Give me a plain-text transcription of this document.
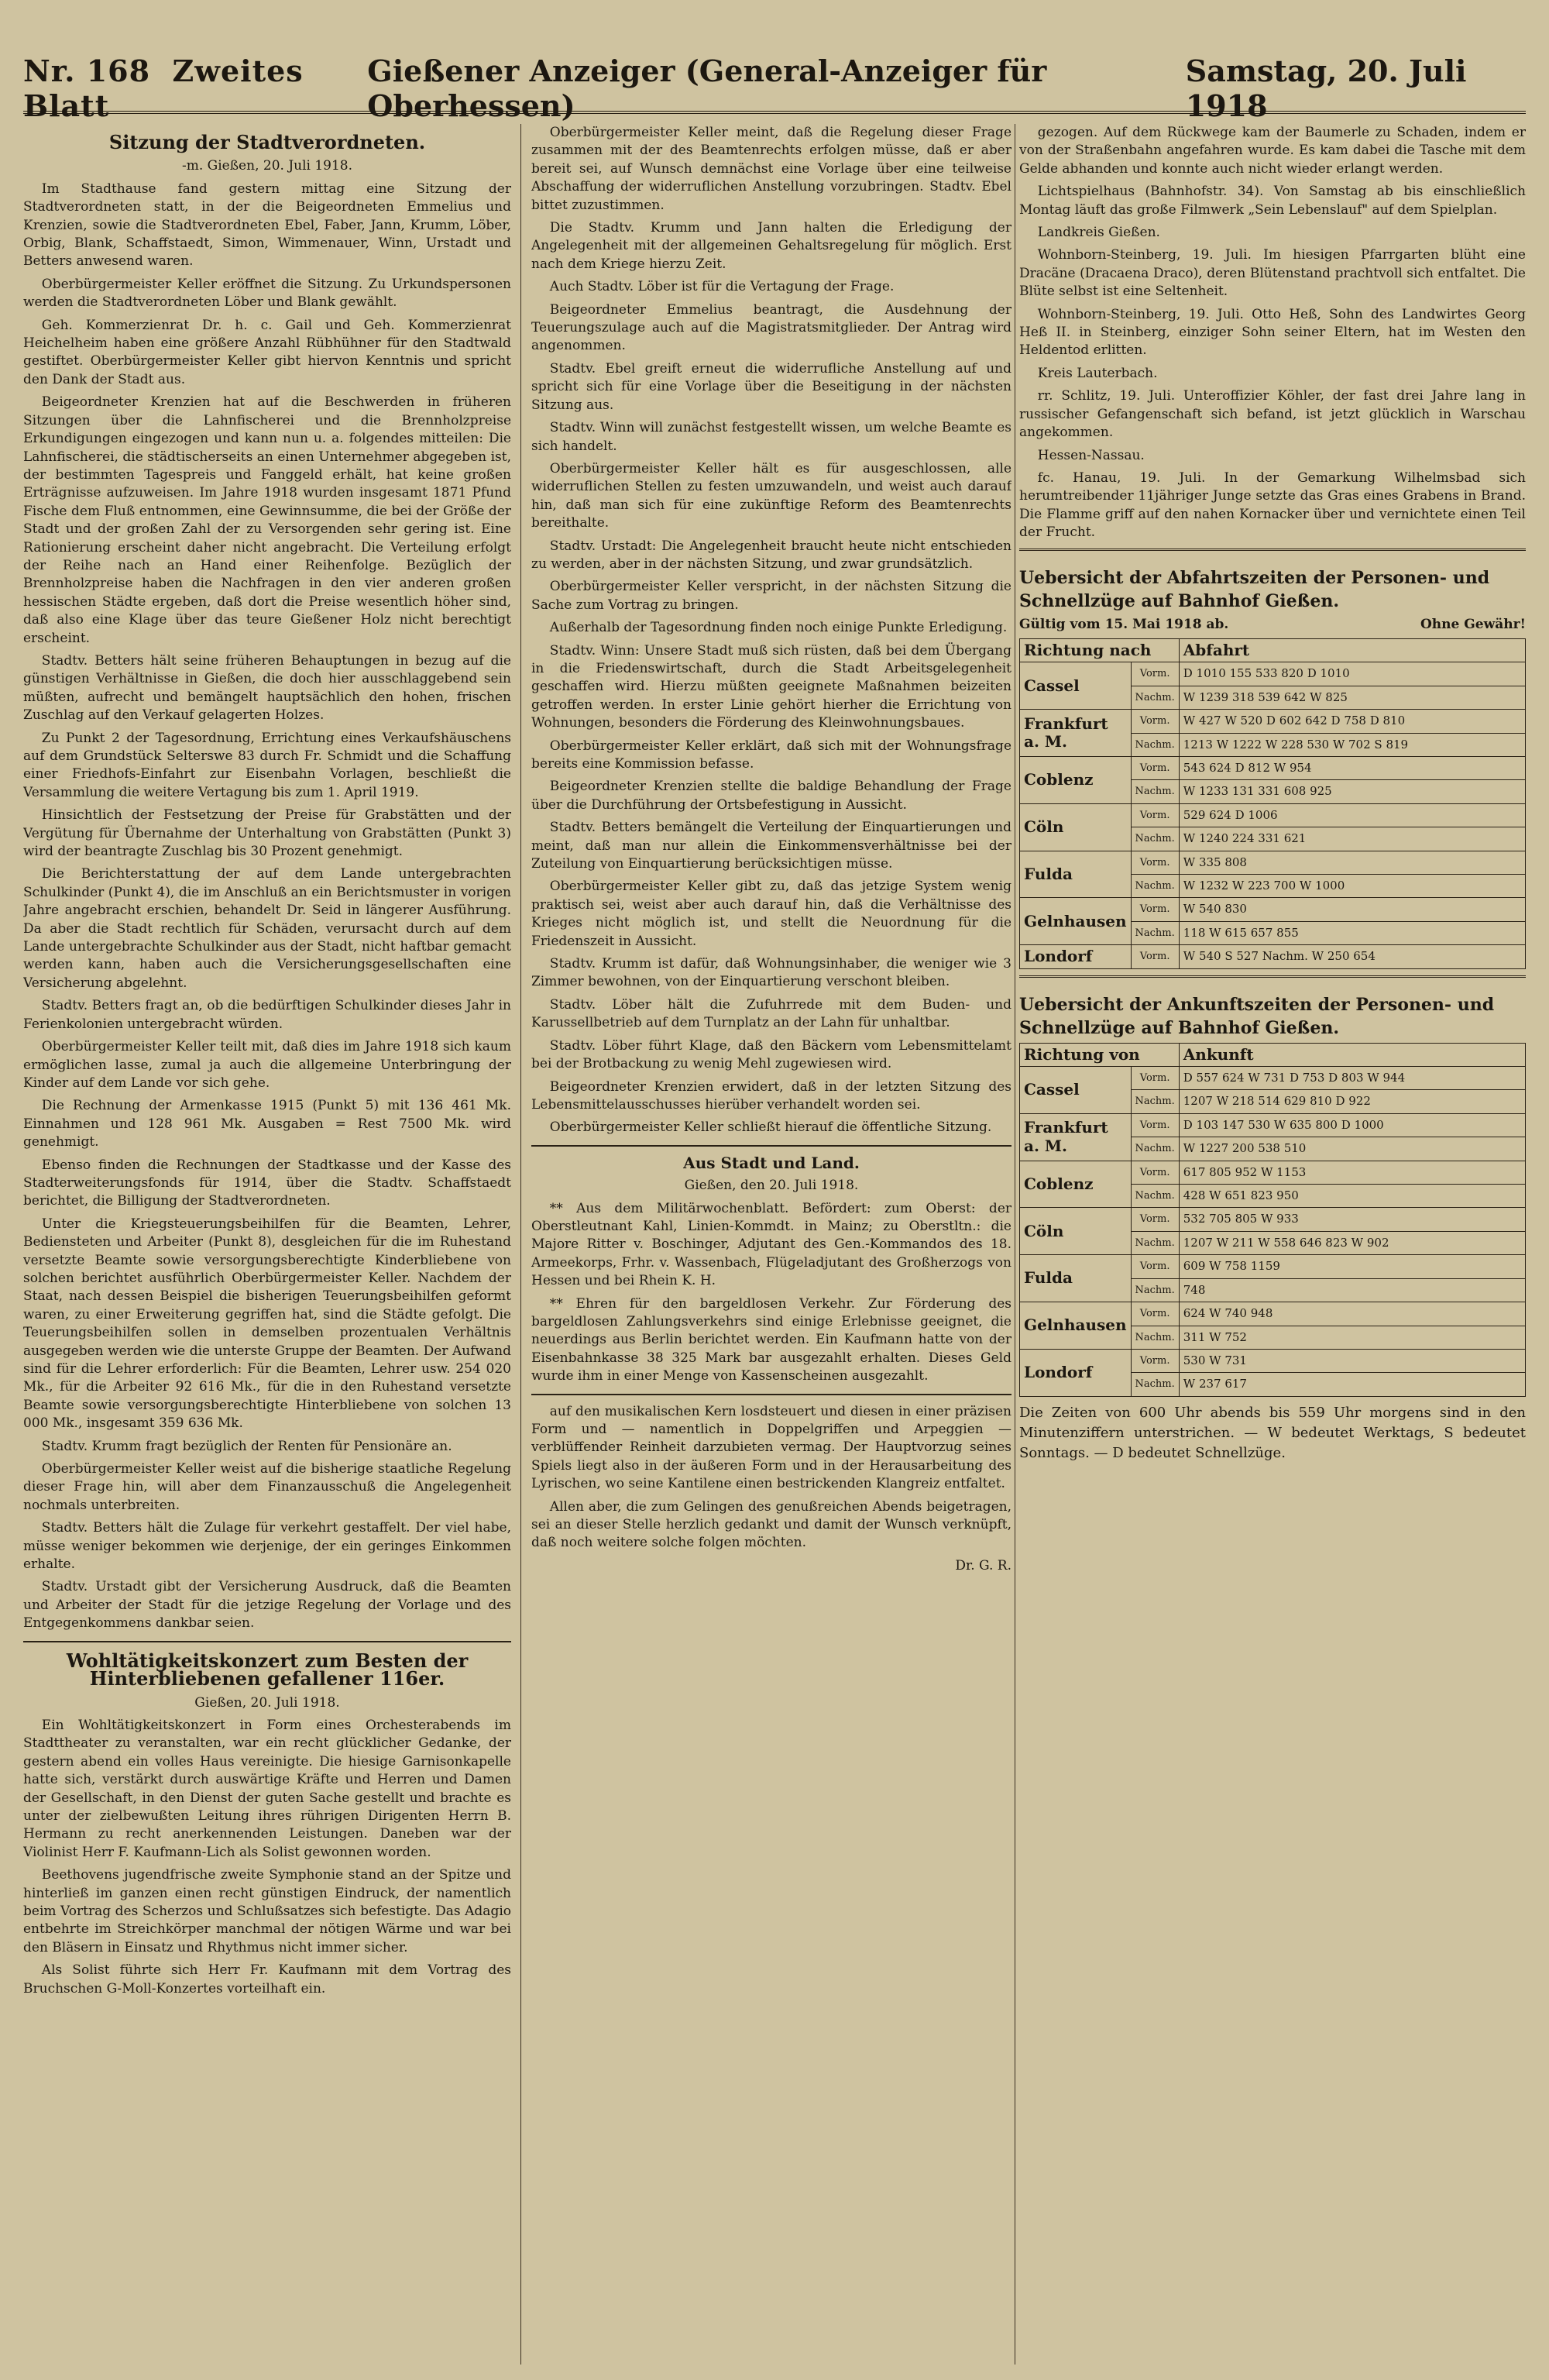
Nr. 168 Zweites Blatt
Gießener Anzeiger (General-Anzeiger für Oberhessen)
Samstag, 20. Juli 1918
Sitzung der Stadtverordneten.
-m. Gießen, 20. Juli 1918.

Im Stadthause fand gestern mittag eine Sitzung der Stadtverordneten statt, in der die Beigeordneten Emmelius und Krenzien, sowie die Stadtverordneten Ebel, Faber, Jann, Krumm, Löber, Orbig, Blank, Schaffstaedt, Simon, Wimmenauer, Winn, Urstadt und Betters anwesend waren.

Oberbürgermeister Keller eröffnet die Sitzung. Zu Urkundspersonen werden die Stadtverordneten Löber und Blank gewählt.

Geh. Kommerzienrat Dr. h. c. Gail und Geh. Kommerzienrat Heichelheim haben eine größere Anzahl Rübhühner für den Stadtwald gestiftet. Oberbürgermeister Keller gibt hiervon Kenntnis und spricht den Dank der Stadt aus.

Beigeordneter Krenzien hat auf die Beschwerden in früheren Sitzungen über die Lahnfischerei und die Brennholzpreise Erkundigungen eingezogen und kann nun u. a. folgendes mitteilen: Die Lahnfischerei, die städtischerseits an einen Unternehmer abgegeben ist, der bestimmten Tagespreis und Fanggeld erhält, hat keine großen Erträgnisse aufzuweisen. Im Jahre 1918 wurden insgesamt 1871 Pfund Fische dem Fluß entnommen, eine Gewinnsumme, die bei der Größe der Stadt und der großen Zahl der zu Versorgenden sehr gering ist. Eine Rationierung erscheint daher nicht angebracht. Die Verteilung erfolgt der Reihe nach an Hand einer Reihenfolge. Bezüglich der Brennholzpreise haben die Nachfragen in den vier anderen großen hessischen Städte ergeben, daß dort die Preise wesentlich höher sind, daß also eine Klage über das teure Gießener Holz nicht berechtigt erscheint.

Stadtv. Betters hält seine früheren Behauptungen in bezug auf die günstigen Verhältnisse in Gießen, die doch hier ausschlaggebend sein müßten, aufrecht und bemängelt hauptsächlich den hohen, frischen Zuschlag auf den Verkauf gelagerten Holzes.

Zu Punkt 2 der Tagesordnung, Errichtung eines Verkaufshäuschens auf dem Grundstück Selterswe 83 durch Fr. Schmidt und die Schaffung einer Friedhofs-Einfahrt zur Eisenbahn Vorlagen, beschließt die Versammlung die weitere Vertagung bis zum 1. April 1919.

Hinsichtlich der Festsetzung der Preise für Grabstätten und der Vergütung für Übernahme der Unterhaltung von Grabstätten (Punkt 3) wird der beantragte Zuschlag bis 30 Prozent genehmigt.

Die Berichterstattung der auf dem Lande untergebrachten Schulkinder (Punkt 4), die im Anschluß an ein Berichtsmuster in vorigen Jahre angebracht erschien, behandelt Dr. Seid in längerer Ausführung. Da aber die Stadt rechtlich für Schäden, verursacht durch auf dem Lande untergebrachte Schulkinder aus der Stadt, nicht haftbar gemacht werden kann, haben auch die Versicherungsgesellschaften eine Versicherung abgelehnt.

Stadtv. Betters fragt an, ob die bedürftigen Schulkinder dieses Jahr in Ferienkolonien untergebracht würden.

Oberbürgermeister Keller teilt mit, daß dies im Jahre 1918 sich kaum ermöglichen lasse, zumal ja auch die allgemeine Unterbringung der Kinder auf dem Lande vor sich gehe.

Die Rechnung der Armenkasse 1915 (Punkt 5) mit 136 461 Mk. Einnahmen und 128 961 Mk. Ausgaben = Rest 7500 Mk. wird genehmigt.

Ebenso finden die Rechnungen der Stadtkasse und der Kasse des Stadterweiterungsfonds für 1914, über die Stadtv. Schaffstaedt berichtet, die Billigung der Stadtverordneten.

Unter die Kriegsteuerungsbeihilfen für die Beamten, Lehrer, Bediensteten und Arbeiter (Punkt 8), desgleichen für die im Ruhestand versetzte Beamte sowie versorgungsberechtigte Kinderbliebene von solchen berichtet ausführlich Oberbürgermeister Keller. Nachdem der Staat, nach dessen Beispiel die bisherigen Teuerungsbeihilfen geformt waren, zu einer Erweiterung gegriffen hat, sind die Städte gefolgt. Die Teuerungsbeihilfen sollen in demselben prozentualen Verhältnis ausgegeben werden wie die unterste Gruppe der Beamten. Der Aufwand sind für die Lehrer erforderlich: Für die Beamten, Lehrer usw. 254 020 Mk., für die Arbeiter 92 616 Mk., für die in den Ruhestand versetzte Beamte sowie versorgungsberechtigte Hinterbliebene von solchen 13 000 Mk., insgesamt 359 636 Mk.

Stadtv. Krumm fragt bezüglich der Renten für Pensionäre an.

Oberbürgermeister Keller weist auf die bisherige staatliche Regelung dieser Frage hin, will aber dem Finanzausschuß die Angelegenheit nochmals unterbreiten.

Stadtv. Betters hält die Zulage für verkehrt gestaffelt. Der viel habe, müsse weniger bekommen wie derjenige, der ein geringes Einkommen erhalte.

Stadtv. Urstadt gibt der Versicherung Ausdruck, daß die Beamten und Arbeiter der Stadt für die jetzige Regelung der Vorlage und des Entgegenkommens dankbar seien.

Wohltätigkeitskonzert zum Besten der Hinterbliebenen gefallener 116er.
Gießen, 20. Juli 1918.

Ein Wohltätigkeitskonzert in Form eines Orchesterabends im Stadttheater zu veranstalten, war ein recht glücklicher Gedanke, der gestern abend ein volles Haus vereinigte. Die hiesige Garnisonkapelle hatte sich, verstärkt durch auswärtige Kräfte und Herren und Damen der Gesellschaft, in den Dienst der guten Sache gestellt und brachte es unter der zielbewußten Leitung ihres rührigen Dirigenten Herrn B. Hermann zu recht anerkennenden Leistungen. Daneben war der Violinist Herr F. Kaufmann-Lich als Solist gewonnen worden.

Beethovens jugendfrische zweite Symphonie stand an der Spitze und hinterließ im ganzen einen recht günstigen Eindruck, der namentlich beim Vortrag des Scherzos und Schlußsatzes sich befestigte. Das Adagio entbehrte im Streichkörper manchmal der nötigen Wärme und war bei den Bläsern in Einsatz und Rhythmus nicht immer sicher.

Als Solist führte sich Herr Fr. Kaufmann mit dem Vortrag des Bruchschen G-Moll-Konzertes vorteilhaft ein.

Oberbürgermeister Keller meint, daß die Regelung dieser Frage zusammen mit der des Beamtenrechts erfolgen müsse, daß er aber bereit sei, auf Wunsch demnächst eine Vorlage über eine teilweise Abschaffung der widerruflichen Anstellung vorzubringen. Stadtv. Ebel bittet zuzustimmen.

Die Stadtv. Krumm und Jann halten die Erledigung der Angelegenheit mit der allgemeinen Gehaltsregelung für möglich. Erst nach dem Kriege hierzu Zeit.

Auch Stadtv. Löber ist für die Vertagung der Frage.

Beigeordneter Emmelius beantragt, die Ausdehnung der Teuerungszulage auch auf die Magistratsmitglieder. Der Antrag wird angenommen.

Stadtv. Ebel greift erneut die widerrufliche Anstellung auf und spricht sich für eine Vorlage über die Beseitigung in der nächsten Sitzung aus.

Stadtv. Winn will zunächst festgestellt wissen, um welche Beamte es sich handelt.

Oberbürgermeister Keller hält es für ausgeschlossen, alle widerruflichen Stellen zu festen umzuwandeln, und weist auch darauf hin, daß man sich für eine zukünftige Reform des Beamtenrechts bereithalte.

Stadtv. Urstadt: Die Angelegenheit braucht heute nicht entschieden zu werden, aber in der nächsten Sitzung, und zwar grundsätzlich.

Oberbürgermeister Keller verspricht, in der nächsten Sitzung die Sache zum Vortrag zu bringen.

Außerhalb der Tagesordnung finden noch einige Punkte Erledigung.

Stadtv. Winn: Unsere Stadt muß sich rüsten, daß bei dem Übergang in die Friedenswirtschaft, durch die Stadt Arbeitsgelegenheit geschaffen wird. Hierzu müßten geeignete Maßnahmen beizeiten getroffen werden. In erster Linie gehört hierher die Errichtung von Wohnungen, besonders die Förderung des Kleinwohnungsbaues.

Oberbürgermeister Keller erklärt, daß sich mit der Wohnungsfrage bereits eine Kommission befasse.

Beigeordneter Krenzien stellte die baldige Behandlung der Frage über die Durchführung der Ortsbefestigung in Aussicht.

Stadtv. Betters bemängelt die Verteilung der Einquartierungen und meint, daß man nur allein die Einkommensverhältnisse bei der Zuteilung von Einquartierung berücksichtigen müsse.

Oberbürgermeister Keller gibt zu, daß das jetzige System wenig praktisch sei, weist aber auch darauf hin, daß die Verhältnisse des Krieges nicht möglich ist, und stellt die Neuordnung für die Friedenszeit in Aussicht.

Stadtv. Krumm ist dafür, daß Wohnungsinhaber, die weniger wie 3 Zimmer bewohnen, von der Einquartierung verschont bleiben.

Stadtv. Löber hält die Zufuhrrede mit dem Buden- und Karussellbetrieb auf dem Turnplatz an der Lahn für unhaltbar.

Stadtv. Löber führt Klage, daß den Bäckern vom Lebensmittelamt bei der Brotbackung zu wenig Mehl zugewiesen wird.

Beigeordneter Krenzien erwidert, daß in der letzten Sitzung des Lebensmittelausschusses hierüber verhandelt worden sei.

Oberbürgermeister Keller schließt hierauf die öffentliche Sitzung.

Aus Stadt und Land.
Gießen, den 20. Juli 1918.

** Aus dem Militärwochenblatt. Befördert: zum Oberst: der Oberstleutnant Kahl, Linien-Kommdt. in Mainz; zu Oberstltn.: die Majore Ritter v. Boschinger, Adjutant des Gen.-Kommandos des 18. Armeekorps, Frhr. v. Wassenbach, Flügeladjutant des Großherzogs von Hessen und bei Rhein K. H.

** Ehren für den bargeldlosen Verkehr. Zur Förderung des bargeldlosen Zahlungsverkehrs sind einige Erlebnisse geeignet, die neuerdings aus Berlin berichtet werden. Ein Kaufmann hatte von der Eisenbahnkasse 38 325 Mark bar ausgezahlt erhalten. Dieses Geld wurde ihm in einer Menge von Kassenscheinen ausgezahlt.

auf den musikalischen Kern losdsteuert und diesen in einer präzisen Form und — namentlich in Doppelgriffen und Arpeggien — verblüffender Reinheit darzubieten vermag. Der Hauptvorzug seines Spiels liegt also in der äußeren Form und in der Herausarbeitung des Lyrischen, wo seine Kantilene einen bestrickenden Klangreiz entfaltet.

Allen aber, die zum Gelingen des genußreichen Abends beigetragen, sei an dieser Stelle herzlich gedankt und damit der Wunsch verknüpft, daß noch weitere solche folgen möchten.

Dr. G. R.

gezogen. Auf dem Rückwege kam der Baumerle zu Schaden, indem er von der Straßenbahn angefahren wurde. Es kam dabei die Tasche mit dem Gelde abhanden und konnte auch nicht wieder erlangt werden.

Lichtspielhaus (Bahnhofstr. 34). Von Samstag ab bis einschließlich Montag läuft das große Filmwerk „Sein Lebenslauf" auf dem Spielplan.

Landkreis Gießen.

Wohnborn-Steinberg, 19. Juli. Im hiesigen Pfarrgarten blüht eine Dracäne (Dracaena Draco), deren Blütenstand prachtvoll sich entfaltet. Die Blüte selbst ist eine Seltenheit.

Wohnborn-Steinberg, 19. Juli. Otto Heß, Sohn des Landwirtes Georg Heß II. in Steinberg, einziger Sohn seiner Eltern, hat im Westen den Heldentod erlitten.

Kreis Lauterbach.

rr. Schlitz, 19. Juli. Unteroffizier Köhler, der fast drei Jahre lang in russischer Gefangenschaft sich befand, ist jetzt glücklich in Warschau angekommen.

Hessen-Nassau.

fc. Hanau, 19. Juli. In der Gemarkung Wilhelmsbad sich herumtreibender 11jähriger Junge setzte das Gras eines Grabens in Brand. Die Flamme griff auf den nahen Kornacker über und vernichtete einen Teil der Frucht.

Uebersicht der Abfahrtszeiten der Personen- und Schnellzüge auf Bahnhof Gießen.
Gültig vom 15. Mai 1918 ab.	Ohne Gewähr!
Richtung nach		Abfahrt
Cassel	Vorm.	D 1010 155 533 820 D 1010
	Nachm.	W 1239 318 539 642 W 825
Frankfurt a. M.	Vorm.	W 427 W 520 D 602 642 D 758 D 810
	Nachm.	1213 W 1222 W 228 530 W 702 S 819
Coblenz	Vorm.	543 624 D 812 W 954
	Nachm.	W 1233 131 331 608 925
Cöln	Vorm.	529 624 D 1006
	Nachm.	W 1240 224 331 621
Fulda	Vorm.	W 335 808
	Nachm.	W 1232 W 223 700 W 1000
Gelnhausen	Vorm.	W 540 830
	Nachm.	118 W 615 657 855
Londorf	Vorm.	W 540 S 527 Nachm. W 250 654
Uebersicht der Ankunftszeiten der Personen- und Schnellzüge auf Bahnhof Gießen.
Richtung von		Ankunft
Cassel	Vorm.	D 557 624 W 731 D 753 D 803 W 944
	Nachm.	1207 W 218 514 629 810 D 922
Frankfurt a. M.	Vorm.	D 103 147 530 W 635 800 D 1000
	Nachm.	W 1227 200 538 510
Coblenz	Vorm.	617 805 952 W 1153
	Nachm.	428 W 651 823 950
Cöln	Vorm.	532 705 805 W 933
	Nachm.	1207 W 211 W 558 646 823 W 902
Fulda	Vorm.	609 W 758 1159
	Nachm.	748
Gelnhausen	Vorm.	624 W 740 948
	Nachm.	311 W 752
Londorf	Vorm.	530 W 731
	Nachm.	W 237 617
Die Zeiten von 600 Uhr abends bis 559 Uhr morgens sind in den Minutenziffern unterstrichen. — W bedeutet Werktags, S bedeutet Sonntags. — D bedeutet Schnellzüge.
